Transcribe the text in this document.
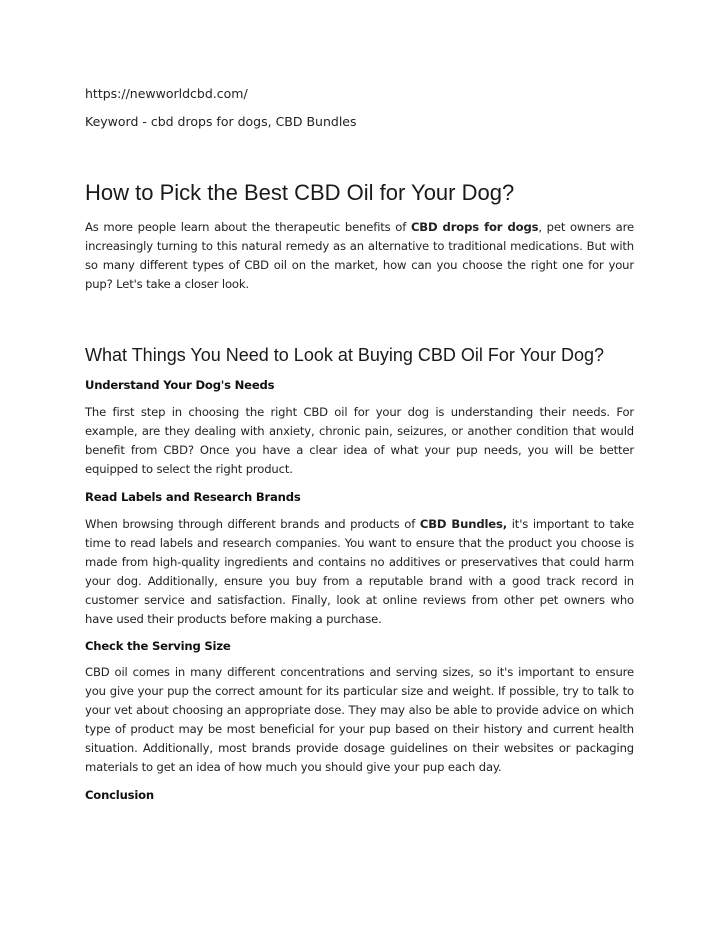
https://newworldcbd.com/
Keyword - cbd drops for dogs, CBD Bundles
How to Pick the Best CBD Oil for Your Dog?

As more people learn about the therapeutic benefits of CBD drops for dogs, pet owners are increasingly turning to this natural remedy as an alternative to traditional medications. But with so many different types of CBD oil on the market, how can you choose the right one for your pup? Let's take a closer look.

What Things You Need to Look at Buying CBD Oil For Your Dog?

Understand Your Dog's Needs

The first step in choosing the right CBD oil for your dog is understanding their needs. For example, are they dealing with anxiety, chronic pain, seizures, or another condition that would benefit from CBD? Once you have a clear idea of what your pup needs, you will be better equipped to select the right product.

Read Labels and Research Brands

When browsing through different brands and products of CBD Bundles, it's important to take time to read labels and research companies. You want to ensure that the product you choose is made from high-quality ingredients and contains no additives or preservatives that could harm your dog. Additionally, ensure you buy from a reputable brand with a good track record in customer service and satisfaction. Finally, look at online reviews from other pet owners who have used their products before making a purchase.

Check the Serving Size

CBD oil comes in many different concentrations and serving sizes, so it's important to ensure you give your pup the correct amount for its particular size and weight. If possible, try to talk to your vet about choosing an appropriate dose. They may also be able to provide advice on which type of product may be most beneficial for your pup based on their history and current health situation. Additionally, most brands provide dosage guidelines on their websites or packaging materials to get an idea of how much you should give your pup each day.

Conclusion
